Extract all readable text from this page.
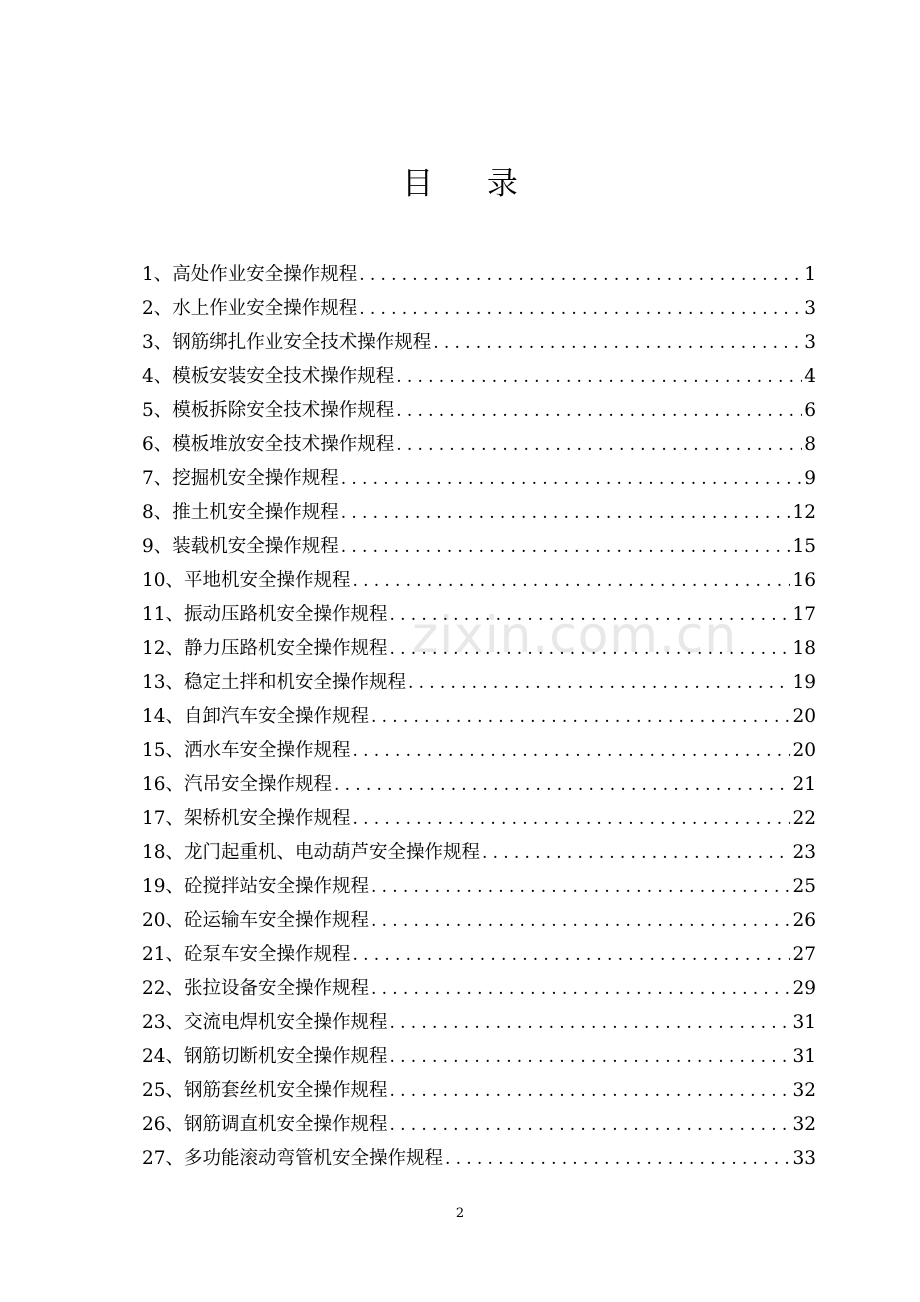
zixin.com.cn
目 录
1、高处作业安全操作规程 .....	1
2、水上作业安全操作规程 .....	3
3、钢筋绑扎作业安全技术操作规程 .....	3
4、模板安装安全技术操作规程 .....	4
5、模板拆除安全技术操作规程 .....	6
6、模板堆放安全技术操作规程 .....	8
7、挖掘机安全操作规程 .....	9
8、推土机安全操作规程 .....	12
9、装载机安全操作规程 .....	15
10、平地机安全操作规程 .....	16
11、振动压路机安全操作规程 .....	17
12、静力压路机安全操作规程 .....	18
13、稳定土拌和机安全操作规程 .....	19
14、自卸汽车安全操作规程 .....	20
15、洒水车安全操作规程 .....	20
16、汽吊安全操作规程 .....	21
17、架桥机安全操作规程 .....	22
18、龙门起重机、电动葫芦安全操作规程 .....	23
19、砼搅拌站安全操作规程 .....	25
20、砼运输车安全操作规程 .....	26
21、砼泵车安全操作规程 .....	27
22、张拉设备安全操作规程 .....	29
23、交流电焊机安全操作规程 .....	31
24、钢筋切断机安全操作规程 .....	31
25、钢筋套丝机安全操作规程 .....	32
26、钢筋调直机安全操作规程 .....	32
27、多功能滚动弯管机安全操作规程 .....	33
2
